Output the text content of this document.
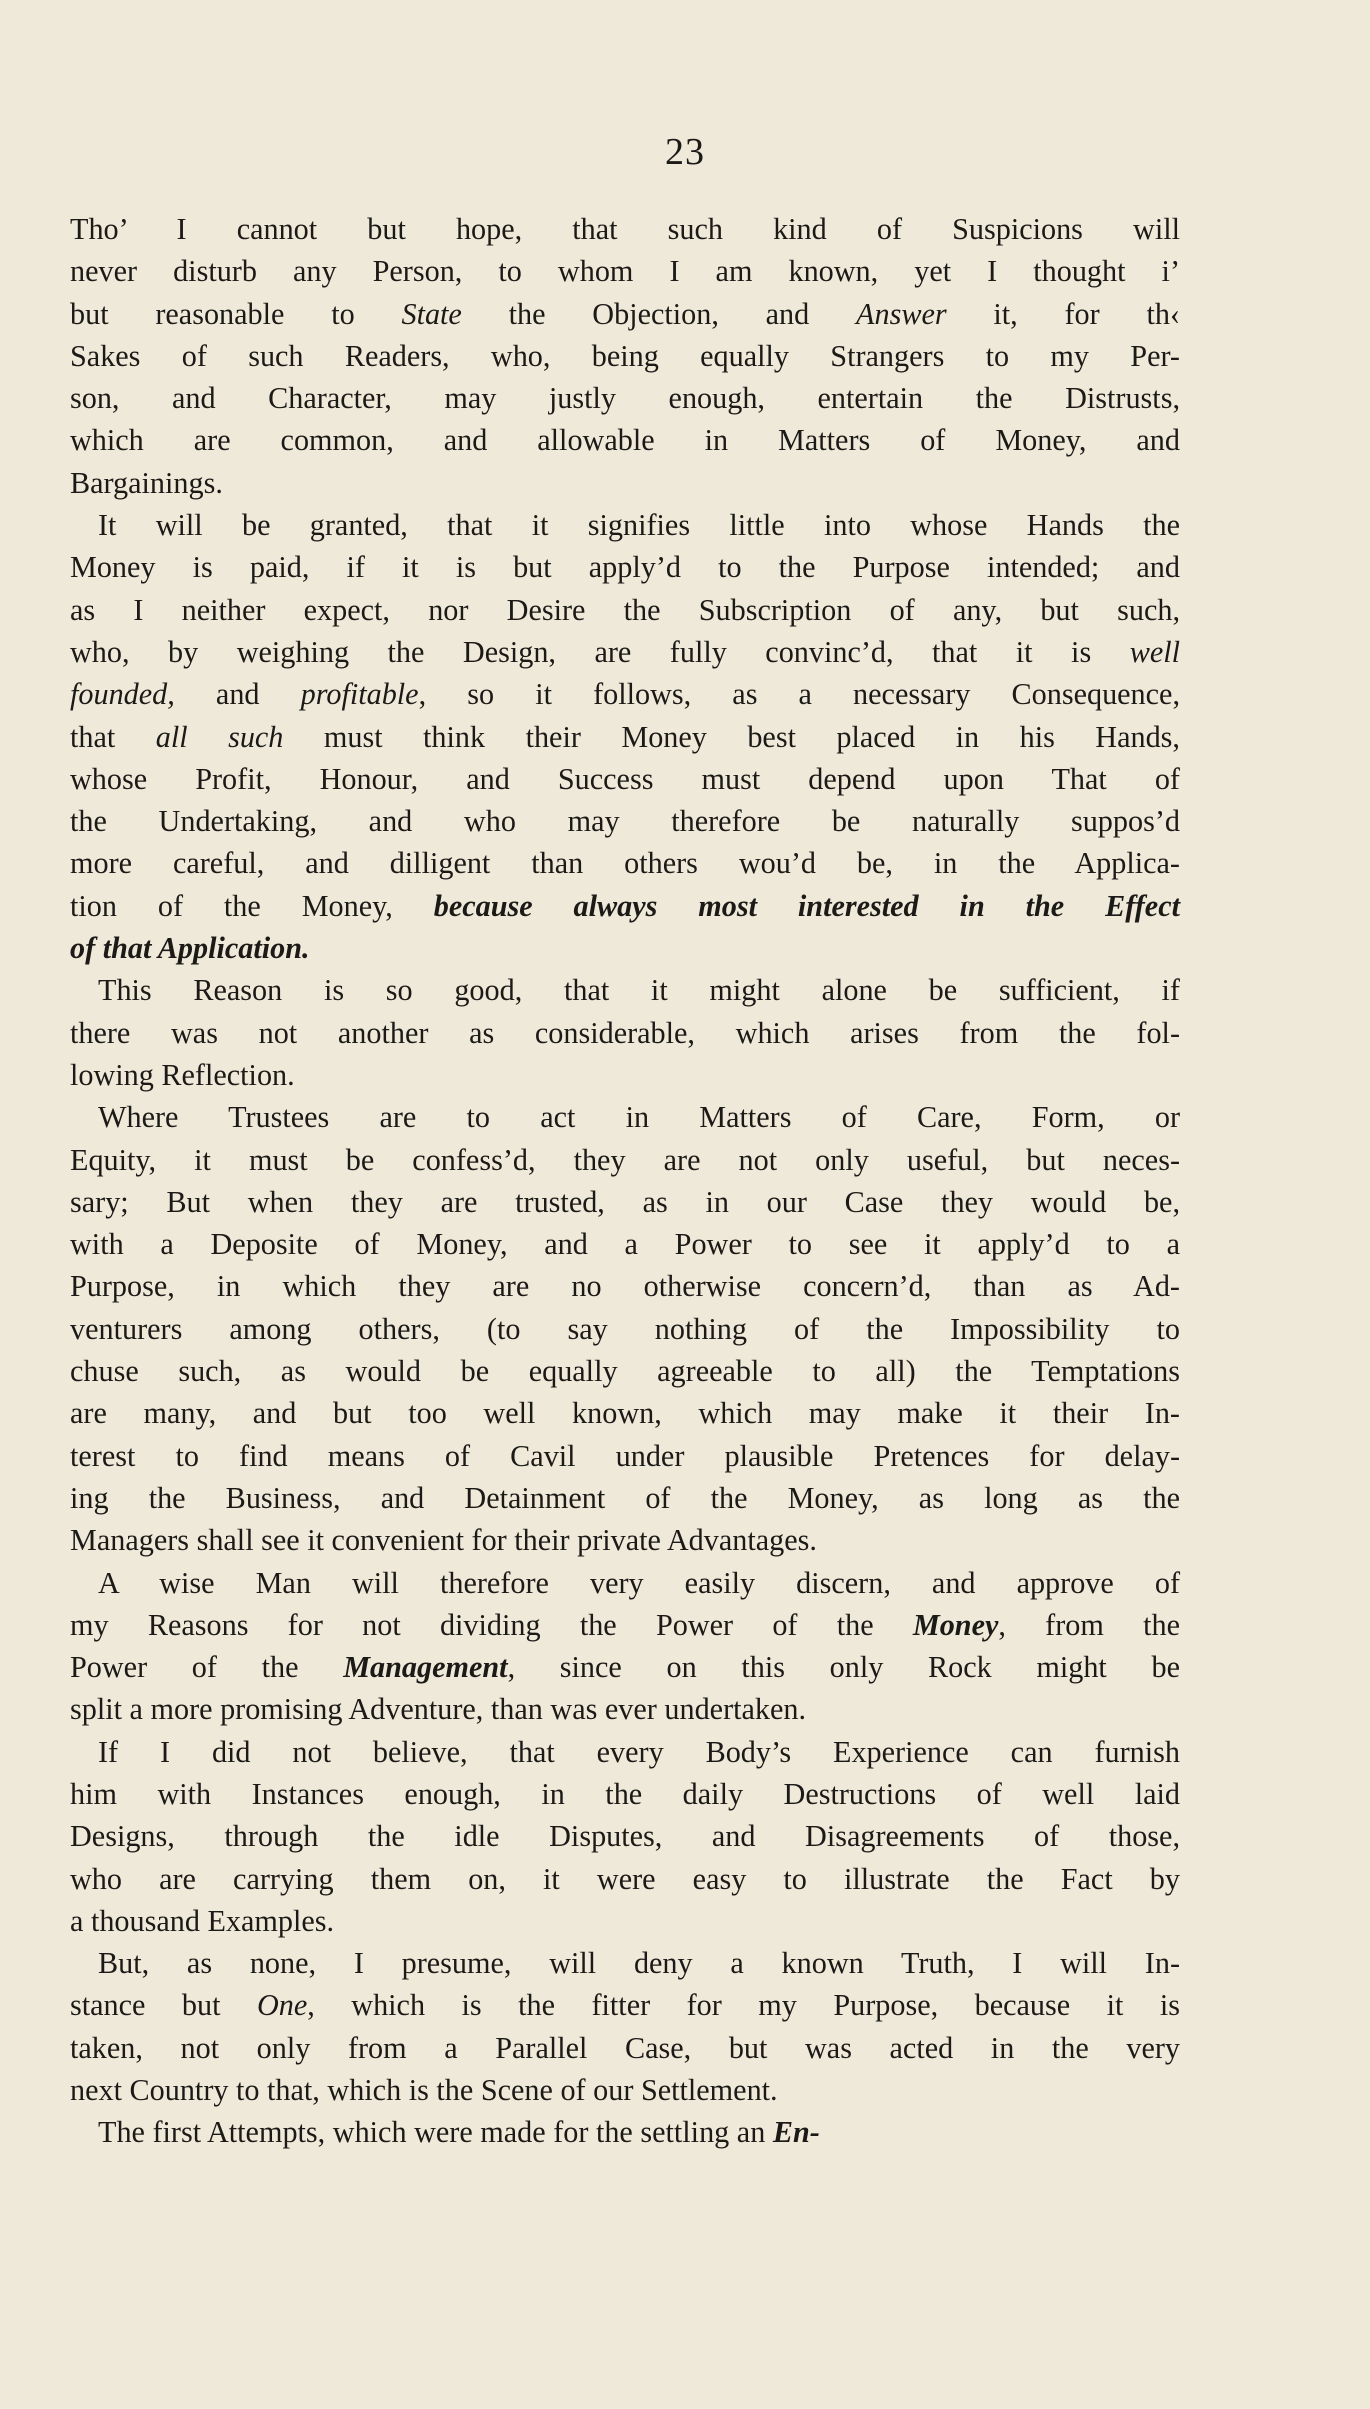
23
Tho’ I cannot but hope, that such kind of Suspicions will
never disturb any Person, to whom I am known, yet I thought i’
but reasonable to State the Objection, and Answer it, for th‹
Sakes of such Readers, who, being equally Strangers to my Per-
son, and Character, may justly enough, entertain the Distrusts,
which are common, and allowable in Matters of Money, and
Bargainings.
It will be granted, that it signifies little into whose Hands the
Money is paid, if it is but apply’d to the Purpose intended; and
as I neither expect, nor Desire the Subscription of any, but such,
who, by weighing the Design, are fully convinc’d, that it is well
founded, and profitable, so it follows, as a necessary Consequence,
that all such must think their Money best placed in his Hands,
whose Profit, Honour, and Success must depend upon That of
the Undertaking, and who may therefore be naturally suppos’d
more careful, and dilligent than others wou’d be, in the Applica-
tion of the Money, because always most interested in the Effect
of that Application.
This Reason is so good, that it might alone be sufficient, if
there was not another as considerable, which arises from the fol-
lowing Reflection.
Where Trustees are to act in Matters of Care, Form, or
Equity, it must be confess’d, they are not only useful, but neces-
sary; But when they are trusted, as in our Case they would be,
with a Deposite of Money, and a Power to see it apply’d to a
Purpose, in which they are no otherwise concern’d, than as Ad-
venturers among others, (to say nothing of the Impossibility to
chuse such, as would be equally agreeable to all) the Temptations
are many, and but too well known, which may make it their In-
terest to find means of Cavil under plausible Pretences for delay-
ing the Business, and Detainment of the Money, as long as the
Managers shall see it convenient for their private Advantages.
A wise Man will therefore very easily discern, and approve of
my Reasons for not dividing the Power of the Money, from the
Power of the Management, since on this only Rock might be
split a more promising Adventure, than was ever undertaken.
If I did not believe, that every Body’s Experience can furnish
him with Instances enough, in the daily Destructions of well laid
Designs, through the idle Disputes, and Disagreements of those,
who are carrying them on, it were easy to illustrate the Fact by
a thousand Examples.
But, as none, I presume, will deny a known Truth, I will In-
stance but One, which is the fitter for my Purpose, because it is
taken, not only from a Parallel Case, but was acted in the very
next Country to that, which is the Scene of our Settlement.
The first Attempts, which were made for the settling an En-
